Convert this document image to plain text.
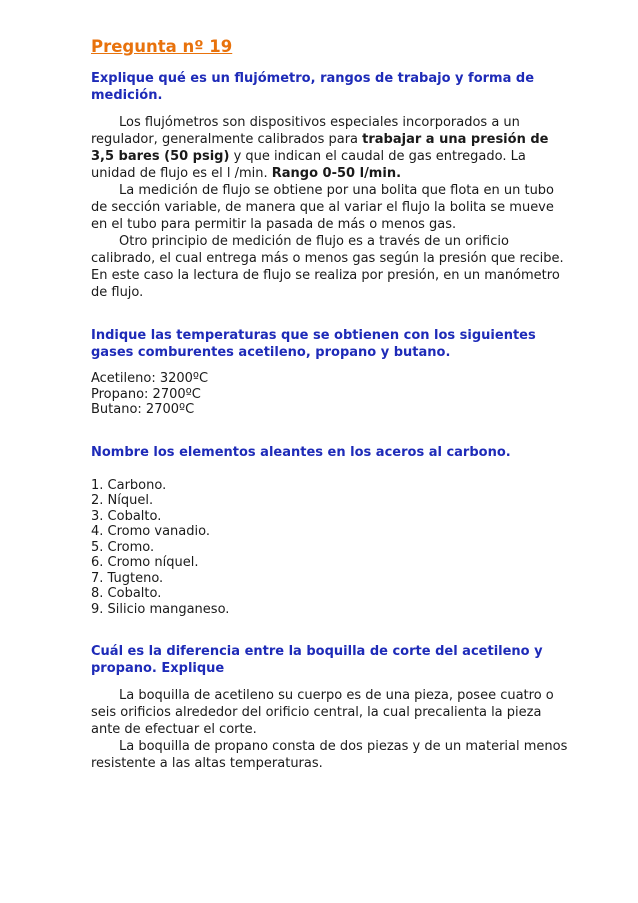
Pregunta nº 19

Explique qué es un flujómetro, rangos de trabajo y forma de medición.

Los flujómetros son dispositivos especiales incorporados a un regulador, generalmente calibrados para trabajar a una presión de 3,5 bares (50 psig) y que indican el caudal de gas entregado. La unidad de flujo es el l /min. Rango 0-50 l/min.

La medición de flujo se obtiene por una bolita que flota en un tubo de sección variable, de manera que al variar el flujo la bolita se mueve en el tubo para permitir la pasada de más o menos gas.

Otro principio de medición de flujo es a través de un orificio calibrado, el cual entrega más o menos gas según la presión que recibe. En este caso la lectura de flujo se realiza por presión, en un manómetro de flujo.

Indique las temperaturas que se obtienen con los siguientes gases comburentes acetileno, propano y butano.

Acetileno: 3200ºC
Propano: 2700ºC
Butano: 2700ºC

Nombre los elementos aleantes en los aceros al carbono.

1. Carbono.
2. Níquel.
3. Cobalto.
4. Cromo vanadio.
5. Cromo.
6. Cromo níquel.
7. Tugteno.
8. Cobalto.
9. Silicio manganeso.

Cuál es la diferencia entre la boquilla de corte del acetileno y propano. Explique

La boquilla de acetileno su cuerpo es de una pieza, posee cuatro o seis orificios alrededor del orificio central, la cual precalienta la pieza ante de efectuar el corte.

La boquilla de propano consta de dos piezas y de un material menos resistente a las altas temperaturas.
